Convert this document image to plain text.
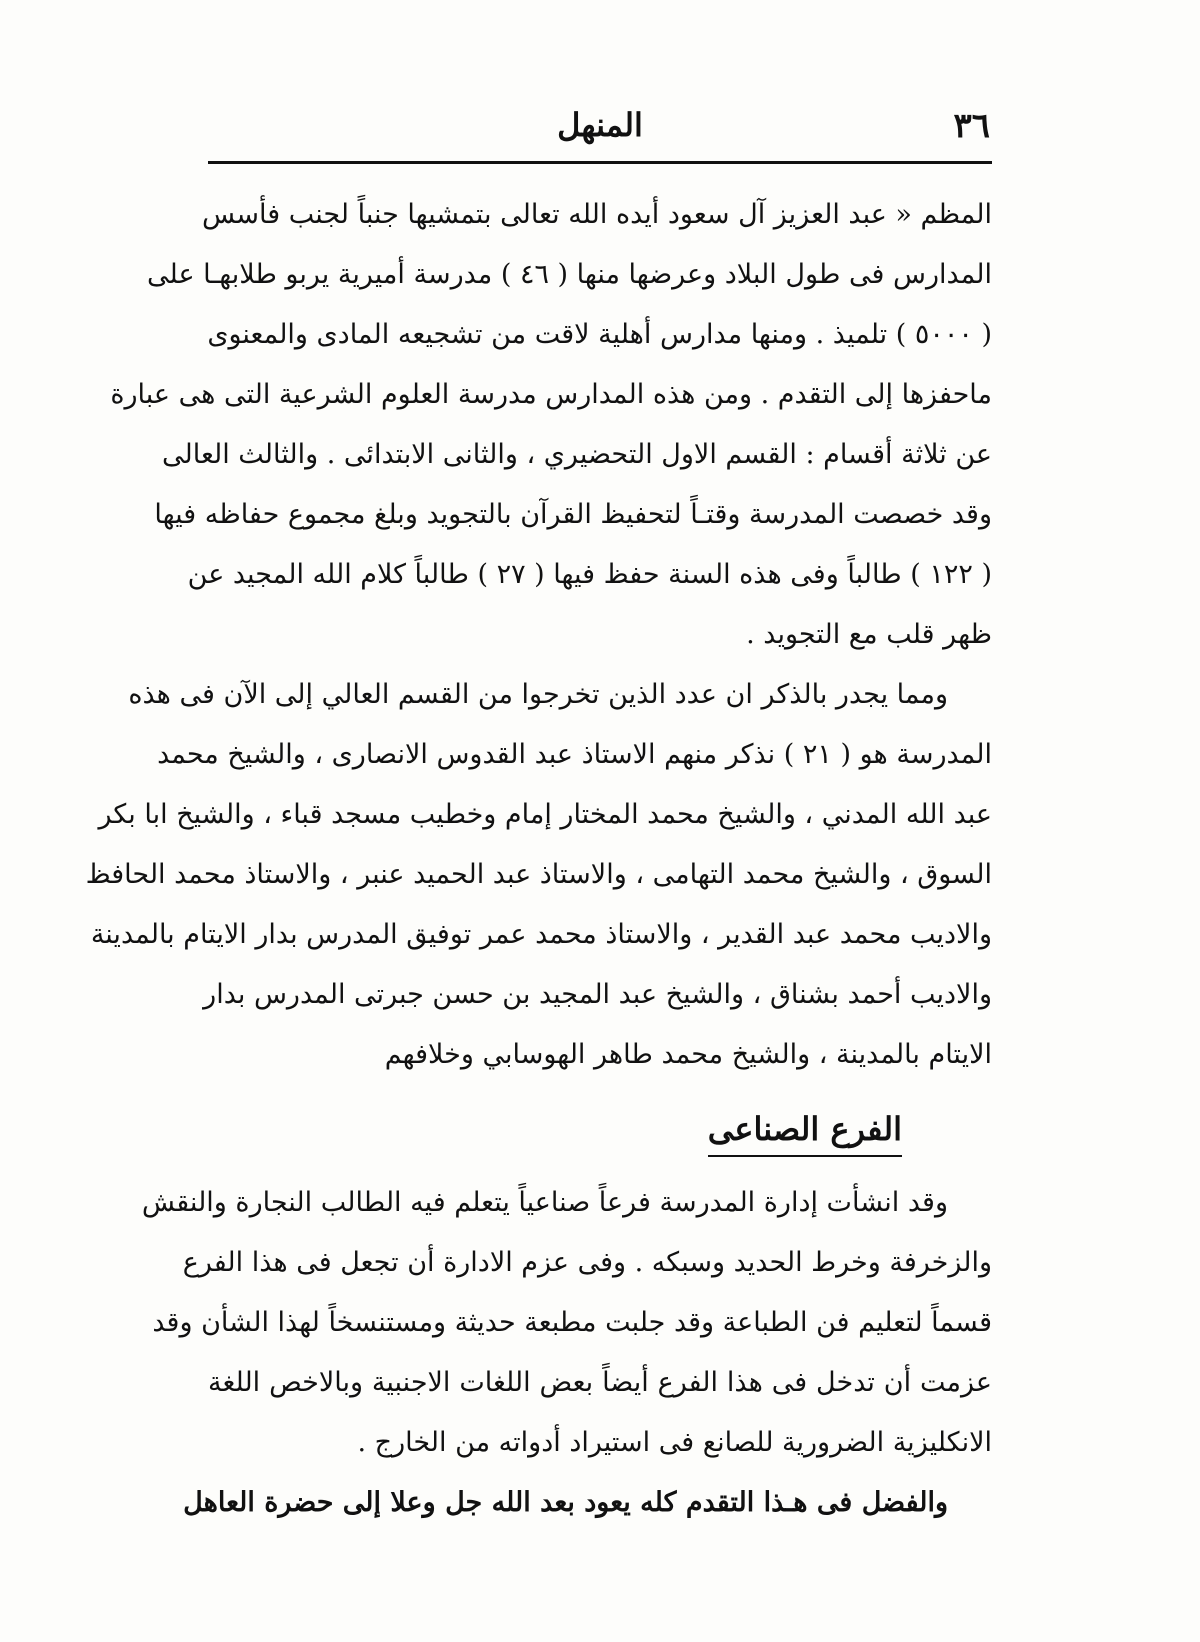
٣٦
المنهل
المظم « عبد العزيز آل سعود أيده الله تعالى بتمشيها جنباً لجنب فأسس
المدارس فى طول البلاد وعرضها منها ( ٤٦ ) مدرسة أميرية يربو طلابهـا على
( ٥٠٠٠ ) تلميذ . ومنها مدارس أهلية لاقت من تشجيعه المادى والمعنوى
ماحفزها إلى التقدم . ومن هذه المدارس مدرسة العلوم الشرعية التى هى عبارة
عن ثلاثة أقسام : القسم الاول التحضيري ، والثانى الابتدائى . والثالث العالى
وقد خصصت المدرسة وقتـاً لتحفيظ القرآن بالتجويد وبلغ مجموع حفاظه فيها
( ١٢٢ ) طالباً وفى هذه السنة حفظ فيها ( ٢٧ ) طالباً كلام الله المجيد عن
ظهر قلب مع التجويد .
ومما يجدر بالذكر ان عدد الذين تخرجوا من القسم العالي إلى الآن فى هذه
المدرسة هو ( ٢١ ) نذكر منهم الاستاذ عبد القدوس الانصارى ، والشيخ محمد
عبد الله المدني ، والشيخ محمد المختار إمام وخطيب مسجد قباء ، والشيخ ابا بكر
السوق ، والشيخ محمد التهامى ، والاستاذ عبد الحميد عنبر ، والاستاذ محمد الحافظ
والاديب محمد عبد القدير ، والاستاذ محمد عمر توفيق المدرس بدار الايتام بالمدينة
والاديب أحمد بشناق ، والشيخ عبد المجيد بن حسن جبرتى المدرس بدار
الايتام بالمدينة ، والشيخ محمد طاهر الهوسابي وخلافهم
الفرع الصناعى
وقد انشأت إدارة المدرسة فرعاً صناعياً يتعلم فيه الطالب النجارة والنقش
والزخرفة وخرط الحديد وسبكه . وفى عزم الادارة أن تجعل فى هذا الفرع
قسماً لتعليم فن الطباعة وقد جلبت مطبعة حديثة ومستنسخاً لهذا الشأن وقد
عزمت أن تدخل فى هذا الفرع أيضاً بعض اللغات الاجنبية وبالاخص اللغة
الانكليزية الضرورية للصانع فى استيراد أدواته من الخارج .
والفضل فى هـذا التقدم كله يعود بعد الله جل وعلا إلى حضرة العاهل
